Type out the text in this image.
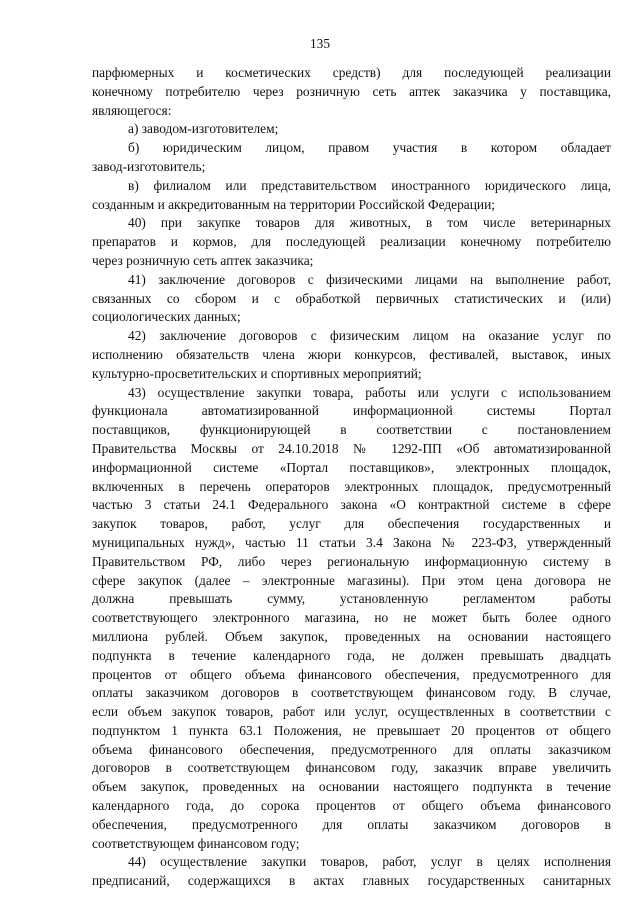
135
парфюмерных и косметических средств) для последующей реализации
конечному потребителю через розничную сеть аптек заказчика у поставщика,
являющегося:
а) заводом-изготовителем;
б) юридическим лицом, правом участия в котором обладает
завод-изготовитель;
в) филиалом или представительством иностранного юридического лица,
созданным и аккредитованным на территории Российской Федерации;
40) при закупке товаров для животных, в том числе ветеринарных
препаратов и кормов, для последующей реализации конечному потребителю
через розничную сеть аптек заказчика;
41) заключение договоров с физическими лицами на выполнение работ,
связанных со сбором и с обработкой первичных статистических и (или)
социологических данных;
42) заключение договоров с физическим лицом на оказание услуг по
исполнению обязательств члена жюри конкурсов, фестивалей, выставок, иных
культурно-просветительских и спортивных мероприятий;
43) осуществление закупки товара, работы или услуги с использованием
функционала автоматизированной информационной системы Портал
поставщиков, функционирующей в соответствии с постановлением
Правительства Москвы от 24.10.2018 № 1292-ПП «Об автоматизированной
информационной системе «Портал поставщиков», электронных площадок,
включенных в перечень операторов электронных площадок, предусмотренный
частью 3 статьи 24.1 Федерального закона «О контрактной системе в сфере
закупок товаров, работ, услуг для обеспечения государственных и
муниципальных нужд», частью 11 статьи 3.4 Закона № 223-ФЗ, утвержденный
Правительством РФ, либо через региональную информационную систему в
сфере закупок (далее – электронные магазины). При этом цена договора не
должна превышать сумму, установленную регламентом работы
соответствующего электронного магазина, но не может быть более одного
миллиона рублей. Объем закупок, проведенных на основании настоящего
подпункта в течение календарного года, не должен превышать двадцать
процентов от общего объема финансового обеспечения, предусмотренного для
оплаты заказчиком договоров в соответствующем финансовом году. В случае,
если объем закупок товаров, работ или услуг, осуществленных в соответствии с
подпунктом 1 пункта 63.1 Положения, не превышает 20 процентов от общего
объема финансового обеспечения, предусмотренного для оплаты заказчиком
договоров в соответствующем финансовом году, заказчик вправе увеличить
объем закупок, проведенных на основании настоящего подпункта в течение
календарного года, до сорока процентов от общего объема финансового
обеспечения, предусмотренного для оплаты заказчиком договоров в
соответствующем финансовом году;
44) осуществление закупки товаров, работ, услуг в целях исполнения
предписаний, содержащихся в актах главных государственных санитарных
